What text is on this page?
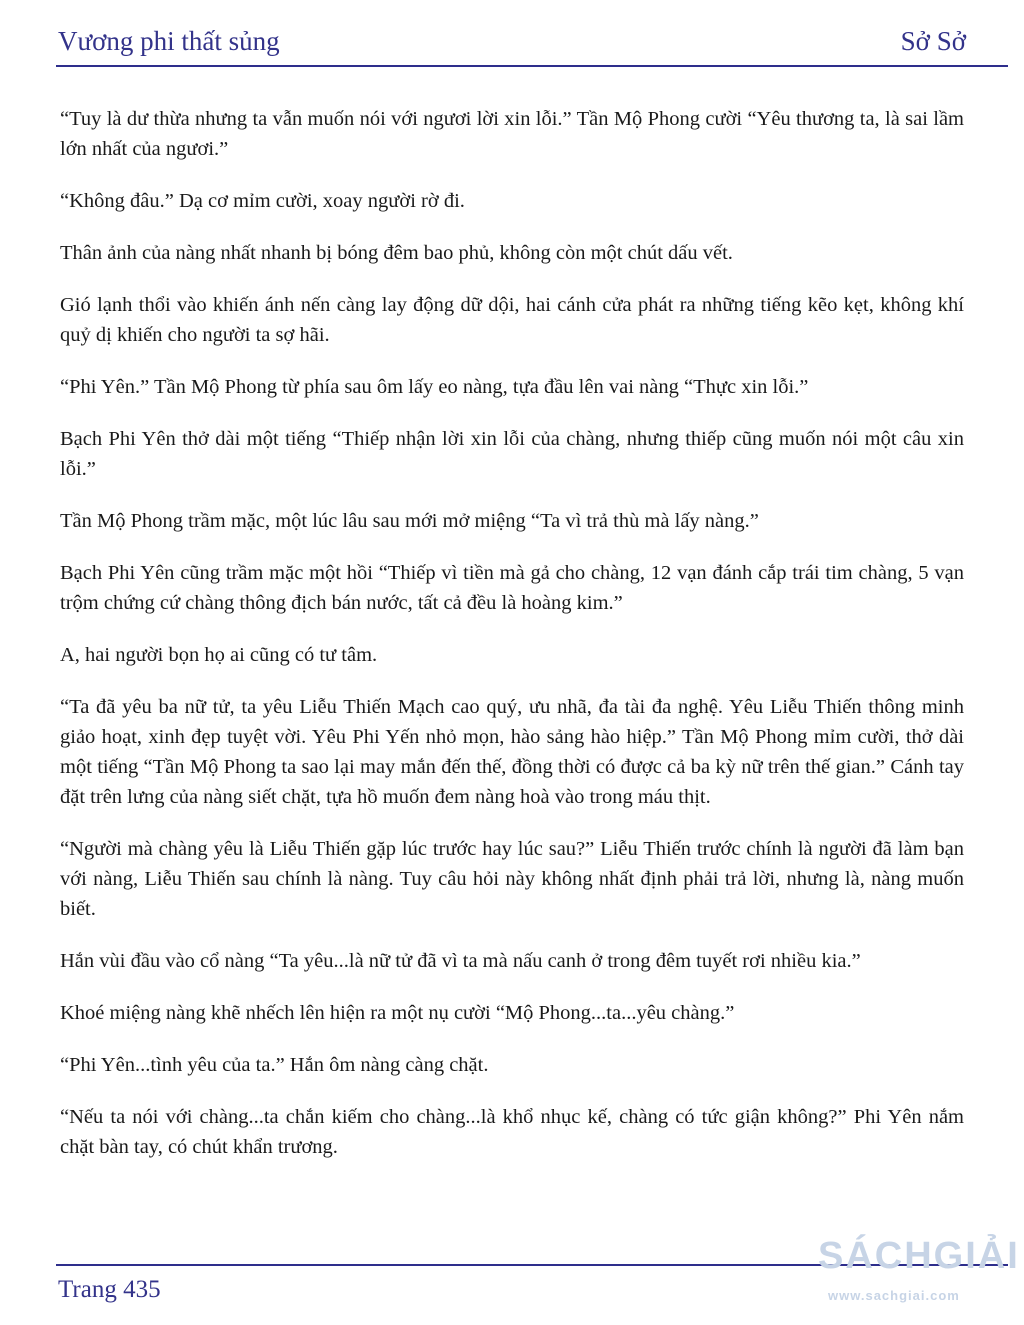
Vương phi thất sủng	Sở Sở

“Tuy là dư thừa nhưng ta vẫn muốn nói với ngươi lời xin lỗi.” Tần Mộ Phong cười “Yêu thương ta, là sai lầm lớn nhất của ngươi.”

“Không đâu.” Dạ cơ mỉm cười, xoay người rờ đi.

Thân ảnh của nàng nhất nhanh bị bóng đêm bao phủ, không còn một chút dấu vết.

Gió lạnh thổi vào khiến ánh nến càng lay động dữ dội, hai cánh cửa phát ra những tiếng kẽo kẹt, không khí quỷ dị khiến cho người ta sợ hãi.

“Phi Yên.” Tần Mộ Phong từ phía sau ôm lấy eo nàng, tựa đầu lên vai nàng “Thực xin lỗi.”

Bạch Phi Yên thở dài một tiếng “Thiếp nhận lời xin lỗi của chàng, nhưng thiếp cũng muốn nói một câu xin lỗi.”

Tần Mộ Phong trầm mặc, một lúc lâu sau mới mở miệng “Ta vì trả thù mà lấy nàng.”

Bạch Phi Yên cũng trầm mặc một hồi “Thiếp vì tiền mà gả cho chàng, 12 vạn đánh cắp trái tim chàng, 5 vạn trộm chứng cứ chàng thông địch bán nước, tất cả đều là hoàng kim.”

A, hai người bọn họ ai cũng có tư tâm.

“Ta đã yêu ba nữ tử, ta yêu Liễu Thiến Mạch cao quý, ưu nhã, đa tài đa nghệ. Yêu Liễu Thiến thông minh giảo hoạt, xinh đẹp tuyệt vời. Yêu Phi Yến nhỏ mọn, hào sảng hào hiệp.” Tần Mộ Phong mỉm cười, thở dài một tiếng “Tần Mộ Phong ta sao lại may mắn đến thế, đồng thời có được cả ba kỳ nữ trên thế gian.” Cánh tay đặt trên lưng của nàng siết chặt, tựa hồ muốn đem nàng hoà vào trong máu thịt.

“Người mà chàng yêu là Liễu Thiến gặp lúc trước hay lúc sau?” Liễu Thiến trước chính là người đã làm bạn với nàng, Liễu Thiến sau chính là nàng. Tuy câu hỏi này không nhất định phải trả lời, nhưng là, nàng muốn biết.

Hắn vùi đầu vào cổ nàng “Ta yêu...là nữ tử đã vì ta mà nấu canh ở trong đêm tuyết rơi nhiều kia.”

Khoé miệng nàng khẽ nhếch lên hiện ra một nụ cười “Mộ Phong...ta...yêu chàng.”

“Phi Yên...tình yêu của ta.” Hắn ôm nàng càng chặt.

“Nếu ta nói với chàng...ta chắn kiếm cho chàng...là khổ nhục kế, chàng có tức giận không?” Phi Yên nắm chặt bàn tay, có chút khẩn trương.

Trang 435
SÁCHGIẢI
www.sachgiai.com
